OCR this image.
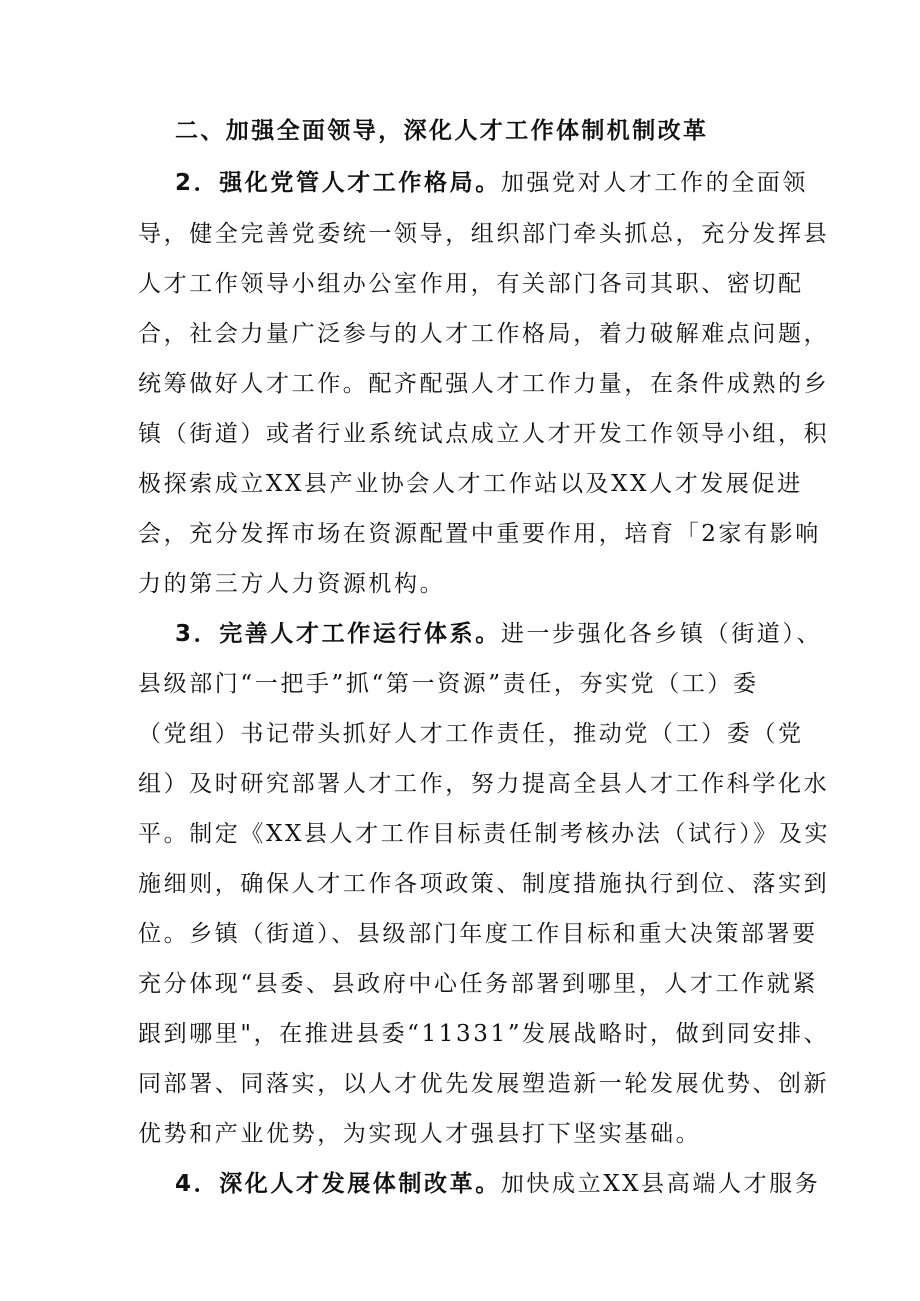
二、加强全面领导，深化人才工作体制机制改革
2．强化党管人才工作格局。加强党对人才工作的全面领
导，健全完善党委统一领导，组织部门牵头抓总，充分发挥县
人才工作领导小组办公室作用，有关部门各司其职、密切配
合，社会力量广泛参与的人才工作格局，着力破解难点问题，
统筹做好人才工作。配齐配强人才工作力量，在条件成熟的乡
镇（街道）或者行业系统试点成立人才开发工作领导小组，积
极探索成立XX县产业协会人才工作站以及XX人才发展促进
会，充分发挥市场在资源配置中重要作用，培育「2家有影响
力的第三方人力资源机构。
3．完善人才工作运行体系。进一步强化各乡镇（街道）、
县级部门“一把手”抓“第一资源”责任，夯实党（工）委
（党组）书记带头抓好人才工作责任，推动党（工）委（党
组）及时研究部署人才工作，努力提高全县人才工作科学化水
平。制定《XX县人才工作目标责任制考核办法（试行）》及实
施细则，确保人才工作各项政策、制度措施执行到位、落实到
位。乡镇（街道）、县级部门年度工作目标和重大决策部署要
充分体现“县委、县政府中心任务部署到哪里，人才工作就紧
跟到哪里"，在推进县委“11331”发展战略时，做到同安排、
同部署、同落实，以人才优先发展塑造新一轮发展优势、创新
优势和产业优势，为实现人才强县打下坚实基础。
4．深化人才发展体制改革。加快成立XX县高端人才服务
